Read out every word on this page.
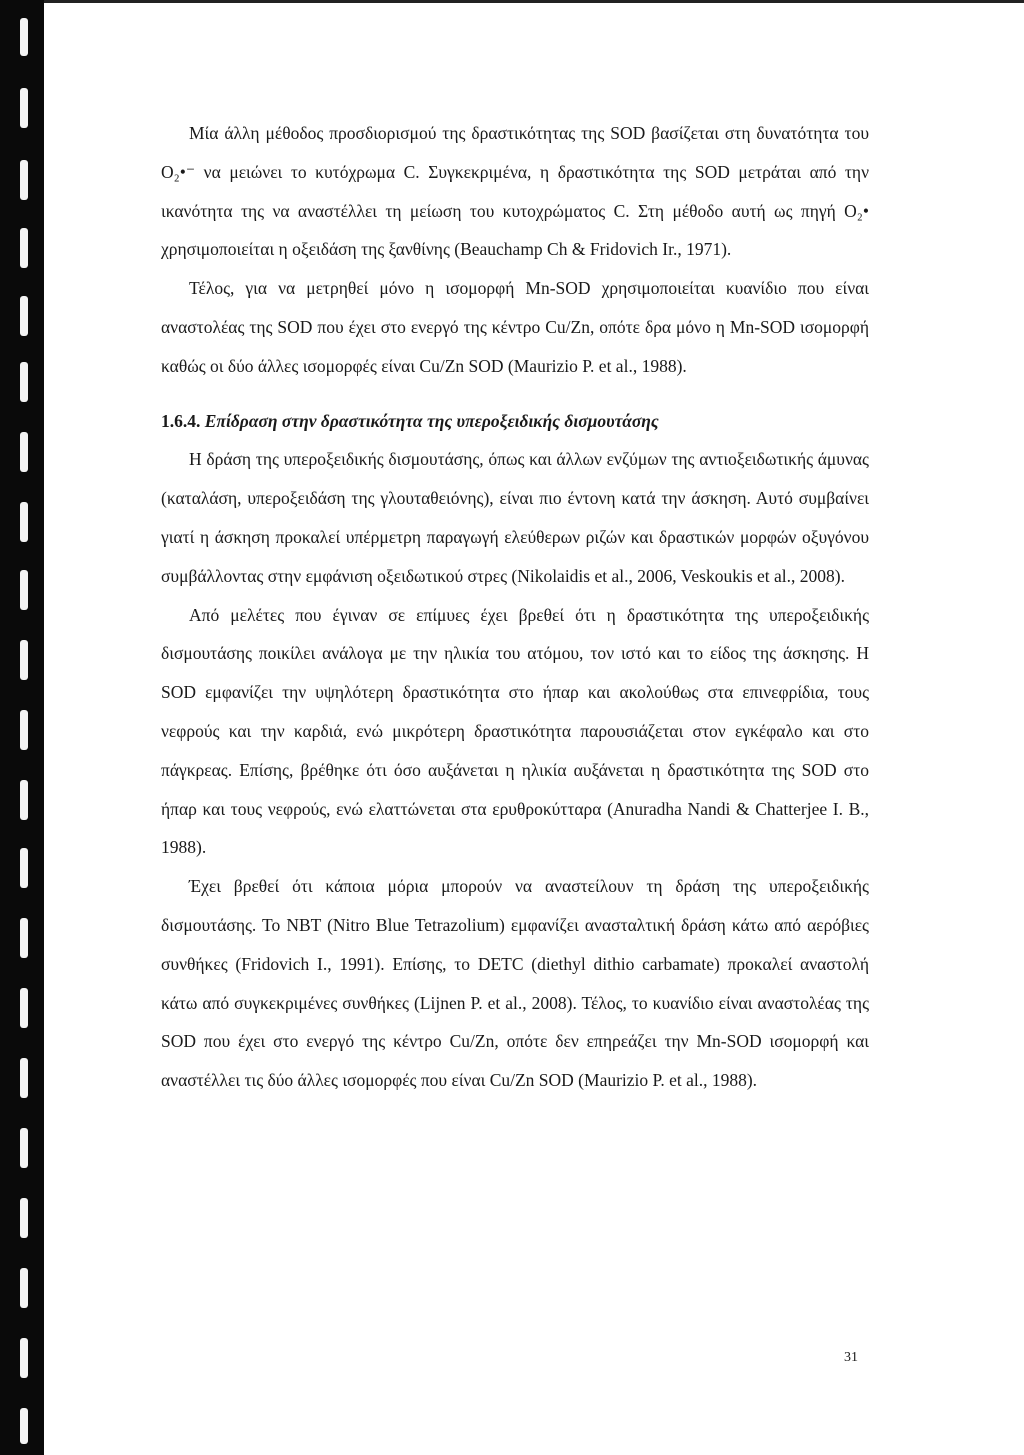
Μία άλλη μέθοδος προσδιορισμού της δραστικότητας της SOD βασίζεται στη δυνατότητα του Ο₂•⁻ να μειώνει το κυτόχρωμα C. Συγκεκριμένα, η δραστικότητα της SOD μετράται από την ικανότητα της να αναστέλλει τη μείωση του κυτοχρώματος C. Στη μέθοδο αυτή ως πηγή Ο₂• χρησιμοποιείται η οξειδάση της ξανθίνης (Beauchamp Ch & Fridovich Ir., 1971).

Τέλος, για να μετρηθεί μόνο η ισομορφή Mn-SOD χρησιμοποιείται κυανίδιο που είναι αναστολέας της SOD που έχει στο ενεργό της κέντρο Cu/Zn, οπότε δρα μόνο η Mn-SOD ισομορφή καθώς οι δύο άλλες ισομορφές είναι Cu/Zn SOD (Maurizio P. et al., 1988).

1.6.4. Επίδραση στην δραστικότητα της υπεροξειδικής δισμουτάσης

Η δράση της υπεροξειδικής δισμουτάσης, όπως και άλλων ενζύμων της αντιοξειδωτικής άμυνας (καταλάση, υπεροξειδάση της γλουταθειόνης), είναι πιο έντονη κατά την άσκηση. Αυτό συμβαίνει γιατί η άσκηση προκαλεί υπέρμετρη παραγωγή ελεύθερων ριζών και δραστικών μορφών οξυγόνου συμβάλλοντας στην εμφάνιση οξειδωτικού στρες (Nikolaidis et al., 2006, Veskoukis et al., 2008).

Από μελέτες που έγιναν σε επίμυες έχει βρεθεί ότι η δραστικότητα της υπεροξειδικής δισμουτάσης ποικίλει ανάλογα με την ηλικία του ατόμου, τον ιστό και το είδος της άσκησης. Η SOD εμφανίζει την υψηλότερη δραστικότητα στο ήπαρ και ακολούθως στα επινεφρίδια, τους νεφρούς και την καρδιά, ενώ μικρότερη δραστικότητα παρουσιάζεται στον εγκέφαλο και στο πάγκρεας. Επίσης, βρέθηκε ότι όσο αυξάνεται η ηλικία αυξάνεται η δραστικότητα της SOD στο ήπαρ και τους νεφρούς, ενώ ελαττώνεται στα ερυθροκύτταρα (Anuradha Nandi & Chatterjee I. B., 1988).

Έχει βρεθεί ότι κάποια μόρια μπορούν να αναστείλουν τη δράση της υπεροξειδικής δισμουτάσης. Το NBT (Nitro Blue Tetrazolium) εμφανίζει ανασταλτική δράση κάτω από αερόβιες συνθήκες (Fridovich I., 1991). Επίσης, το DETC (diethyl dithio carbamate) προκαλεί αναστολή κάτω από συγκεκριμένες συνθήκες (Lijnen P. et al., 2008). Τέλος, το κυανίδιο είναι αναστολέας της SOD που έχει στο ενεργό της κέντρο Cu/Zn, οπότε δεν επηρεάζει την Mn-SOD ισομορφή και αναστέλλει τις δύο άλλες ισομορφές που είναι Cu/Zn SOD (Maurizio P. et al., 1988).

31
